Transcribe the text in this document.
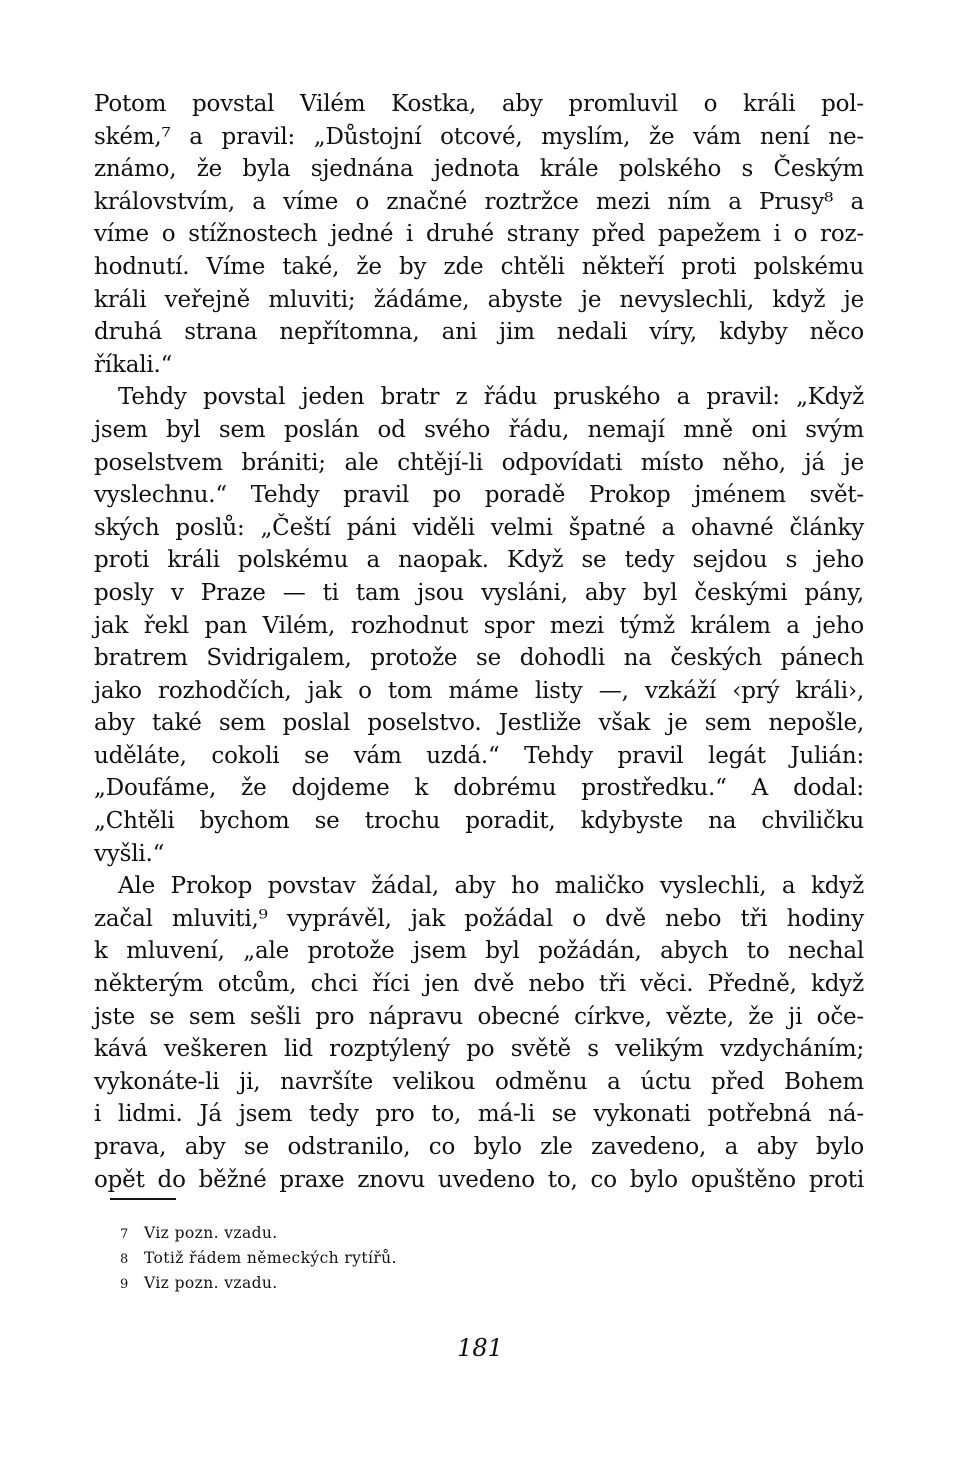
Potom povstal Vilém Kostka, aby promluvil o králi pol-
ském,⁷ a pravil: „Důstojní otcové, myslím, že vám není ne-
známo, že byla sjednána jednota krále polského s Českým
královstvím, a víme o značné roztržce mezi ním a Prusy⁸ a
víme o stížnostech jedné i druhé strany před papežem i o roz-
hodnutí. Víme také, že by zde chtěli někteří proti polskému
králi veřejně mluviti; žádáme, abyste je nevyslechli, když je
druhá strana nepřítomna, ani jim nedali víry, kdyby něco
říkali.“
Tehdy povstal jeden bratr z řádu pruského a pravil: „Když
jsem byl sem poslán od svého řádu, nemají mně oni svým
poselstvem brániti; ale chtějí-li odpovídati místo něho, já je
vyslechnu.“ Tehdy pravil po poradě Prokop jménem svět-
ských poslů: „Čeští páni viděli velmi špatné a ohavné články
proti králi polskému a naopak. Když se tedy sejdou s jeho
posly v Praze — ti tam jsou vysláni, aby byl českými pány,
jak řekl pan Vilém, rozhodnut spor mezi týmž králem a jeho
bratrem Svidrigalem, protože se dohodli na českých pánech
jako rozhodčích, jak o tom máme listy —, vzkáží ‹prý králi›,
aby také sem poslal poselstvo. Jestliže však je sem nepošle,
uděláte, cokoli se vám uzdá.“ Tehdy pravil legát Julián:
„Doufáme, že dojdeme k dobrému prostředku.“ A dodal:
„Chtěli bychom se trochu poradit, kdybyste na chviličku
vyšli.“
Ale Prokop povstav žádal, aby ho maličko vyslechli, a když
začal mluviti,⁹ vyprávěl, jak požádal o dvě nebo tři hodiny
k mluvení, „ale protože jsem byl požádán, abych to nechal
některým otcům, chci říci jen dvě nebo tři věci. Předně, když
jste se sem sešli pro nápravu obecné církve, vězte, že ji oče-
kává veškeren lid rozptýlený po světě s velikým vzdycháním;
vykonáte-li ji, navršíte velikou odměnu a úctu před Bohem
i lidmi. Já jsem tedy pro to, má-li se vykonati potřebná ná-
prava, aby se odstranilo, co bylo zle zavedeno, a aby bylo
opět do běžné praxe znovu uvedeno to, co bylo opuštěno proti
7 Viz pozn. vzadu.
8 Totiž řádem německých rytířů.
9 Viz pozn. vzadu.
181
